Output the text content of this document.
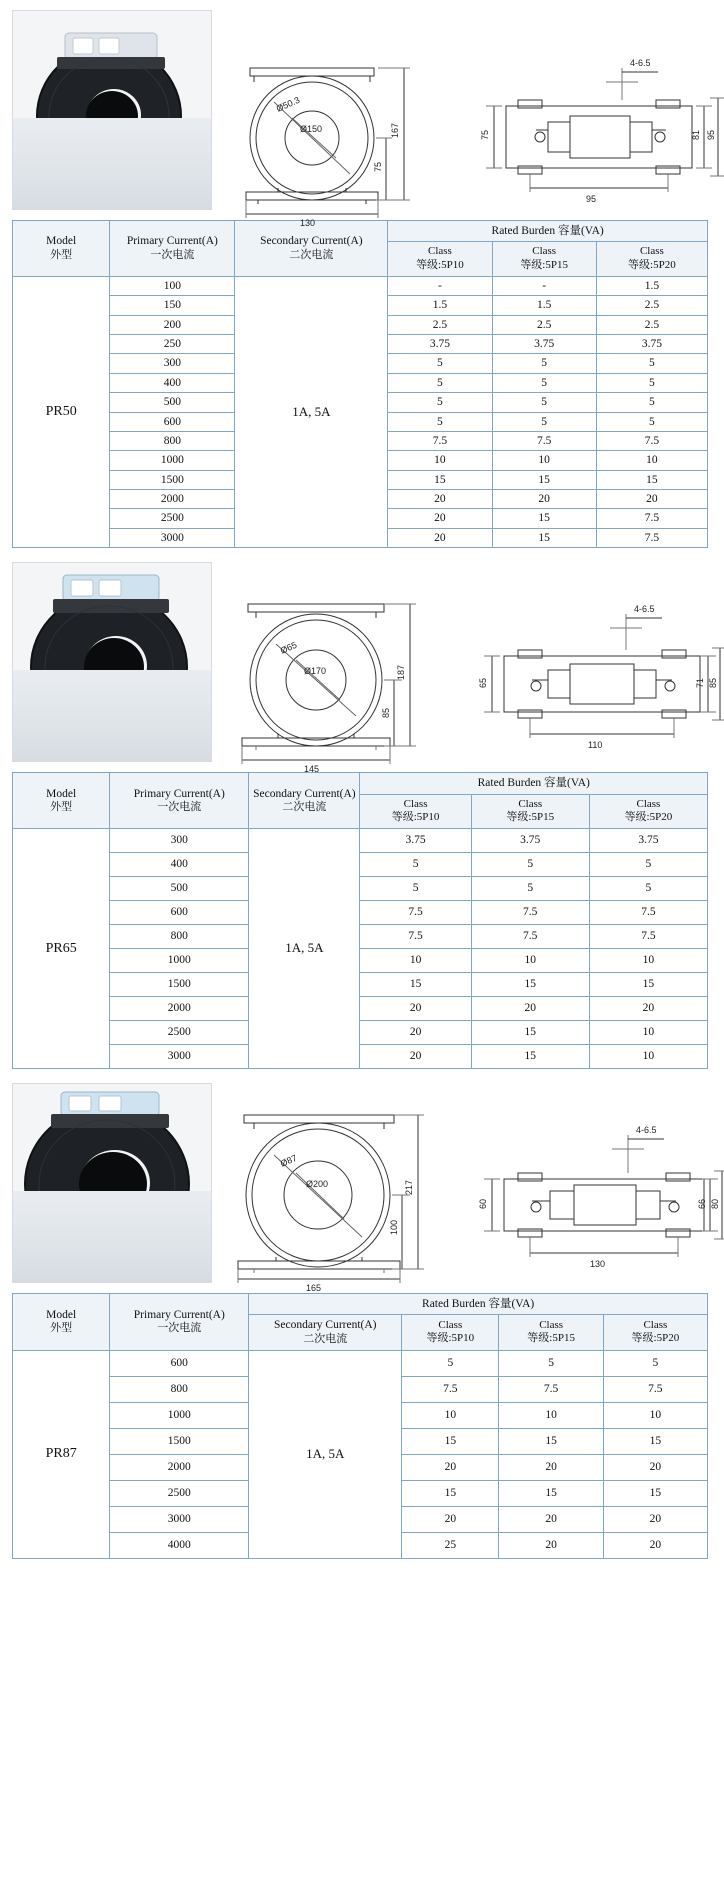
Ø50.3
Ø150	167
75
130
4-6.5
75	81 95
95
Model
外型

Primary Current(A)
一次电流

Secondary Current(A)
二次电流
	Rated Burden 容量(VA)

Class
等级:5P10

Class
等级:5P15

Class
等级:5P20

PR50	100	1A, 5A	-	-	1.5
	150		1.5	1.5	2.5
	200		2.5	2.5	2.5
	250		3.75	3.75	3.75
	300		5	5	5
	400		5	5	5
	500		5	5	5
	600		5	5	5
	800		7.5	7.5	7.5
	1000		10	10	10
	1500		15	15	15
	2000		20	20	20
	2500		20	15	7.5
	3000		20	15	7.5
Ø65
Ø170	187
85
145
4-6.5
65	71 85
110
Model
外型

Primary Current(A)
一次电流

Secondary Current(A)
二次电流
	Rated Burden 容量(VA)

Class
等级:5P10

Class
等级:5P15

Class
等级:5P20

PR65	300	1A, 5A	3.75	3.75	3.75
	400		5	5	5
	500		5	5	5
	600		7.5	7.5	7.5
	800		7.5	7.5	7.5
	1000		10	10	10
	1500		15	15	15
	2000		20	20	20
	2500		20	15	10
	3000		20	15	10
Ø87
Ø200	217
100
165
4-6.5
60	66 80
130
Model
外型

Primary Current(A)
一次电流
	Rated Burden 容量(VA)

Secondary Current(A)
二次电流

Class
等级:5P10

Class
等级:5P15

Class
等级:5P20

PR87	600	1A, 5A	5	5	5
	800		7.5	7.5	7.5
	1000		10	10	10
	1500		15	15	15
	2000		20	20	20
	2500		15	15	15
	3000		20	20	20
	4000		25	20	20
